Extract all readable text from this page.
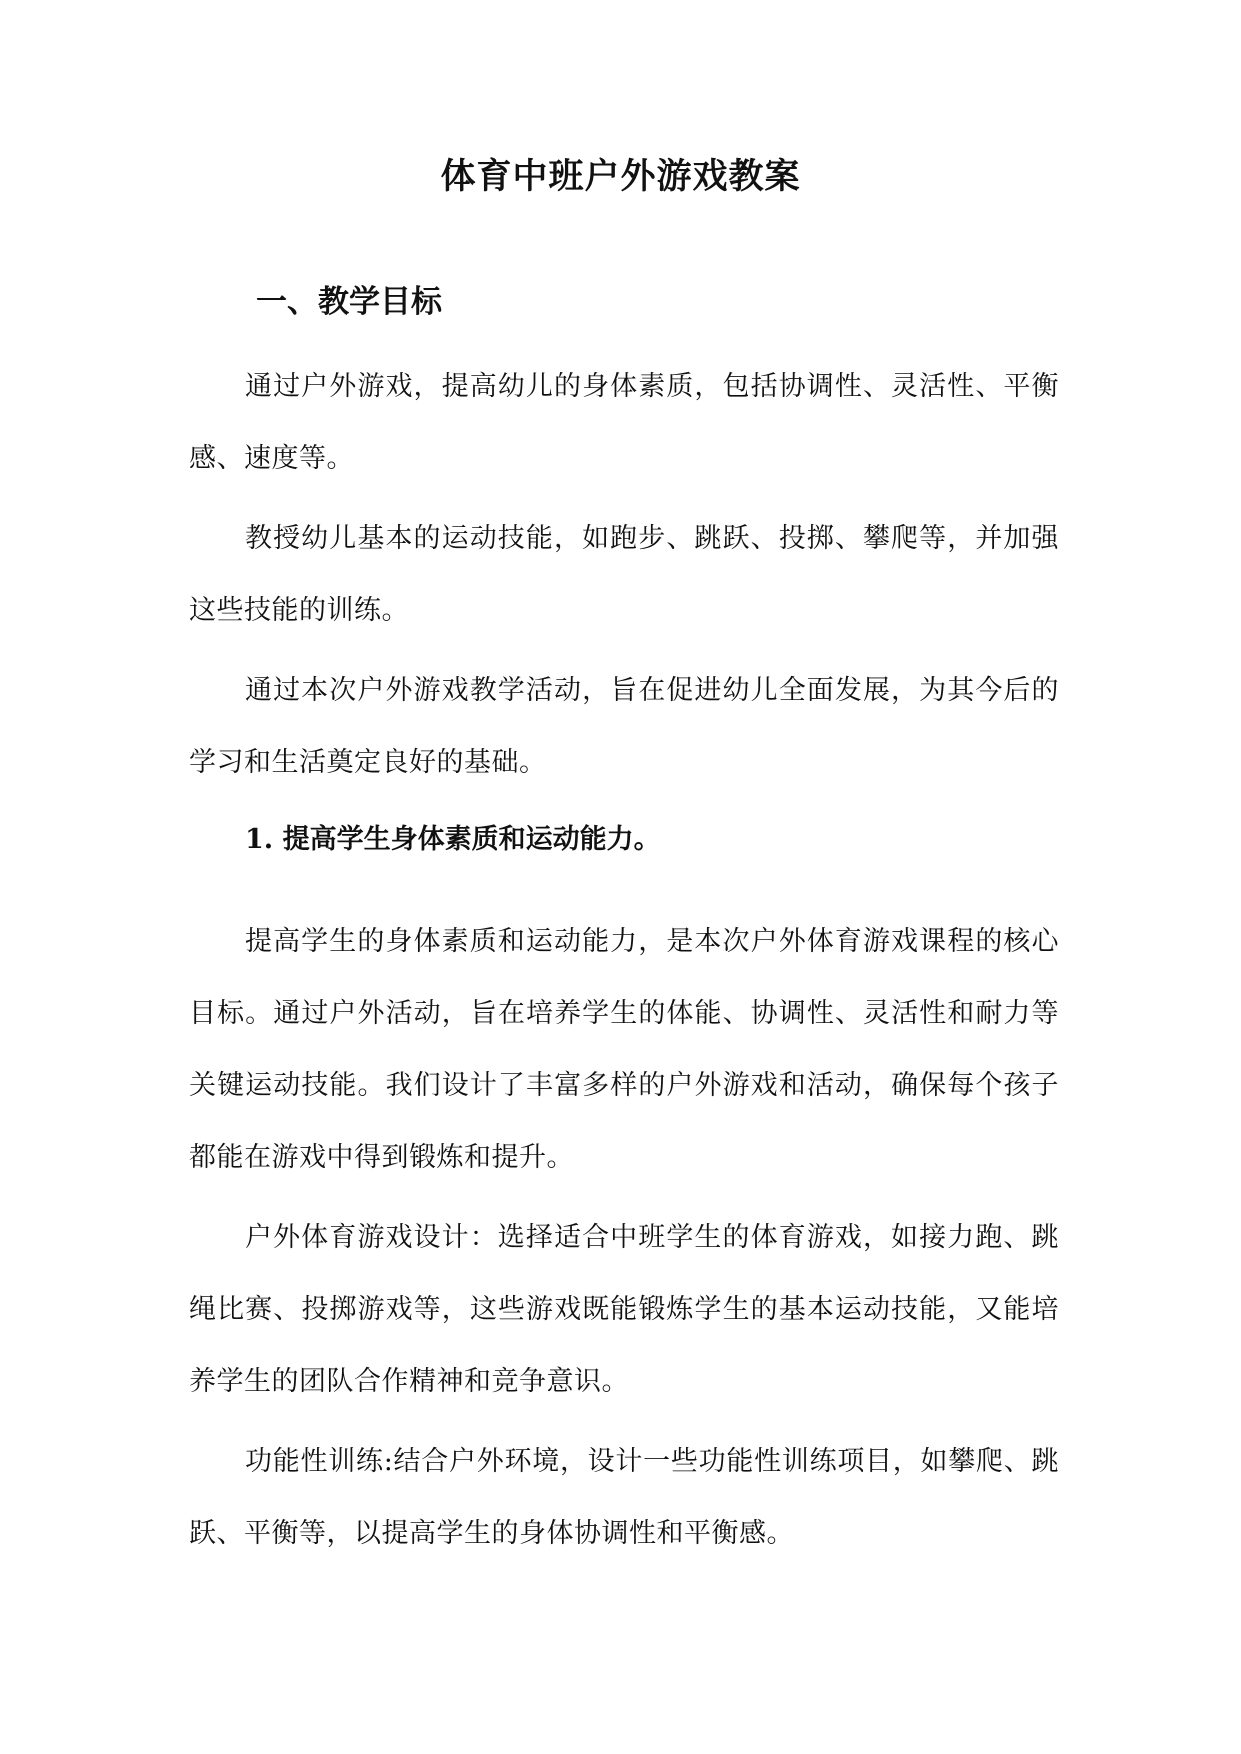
体育中班户外游戏教案
一、教学目标

通过户外游戏，提高幼儿的身体素质，包括协调性、灵活性、平衡感、速度等。

教授幼儿基本的运动技能，如跑步、跳跃、投掷、攀爬等，并加强这些技能的训练。

通过本次户外游戏教学活动，旨在促进幼儿全面发展，为其今后的学习和生活奠定良好的基础。

1. 提高学生身体素质和运动能力。

提高学生的身体素质和运动能力，是本次户外体育游戏课程的核心目标。通过户外活动，旨在培养学生的体能、协调性、灵活性和耐力等关键运动技能。我们设计了丰富多样的户外游戏和活动，确保每个孩子都能在游戏中得到锻炼和提升。

户外体育游戏设计：选择适合中班学生的体育游戏，如接力跑、跳绳比赛、投掷游戏等，这些游戏既能锻炼学生的基本运动技能，又能培养学生的团队合作精神和竞争意识。

功能性训练:结合户外环境，设计一些功能性训练项目，如攀爬、跳跃、平衡等，以提高学生的身体协调性和平衡感。
